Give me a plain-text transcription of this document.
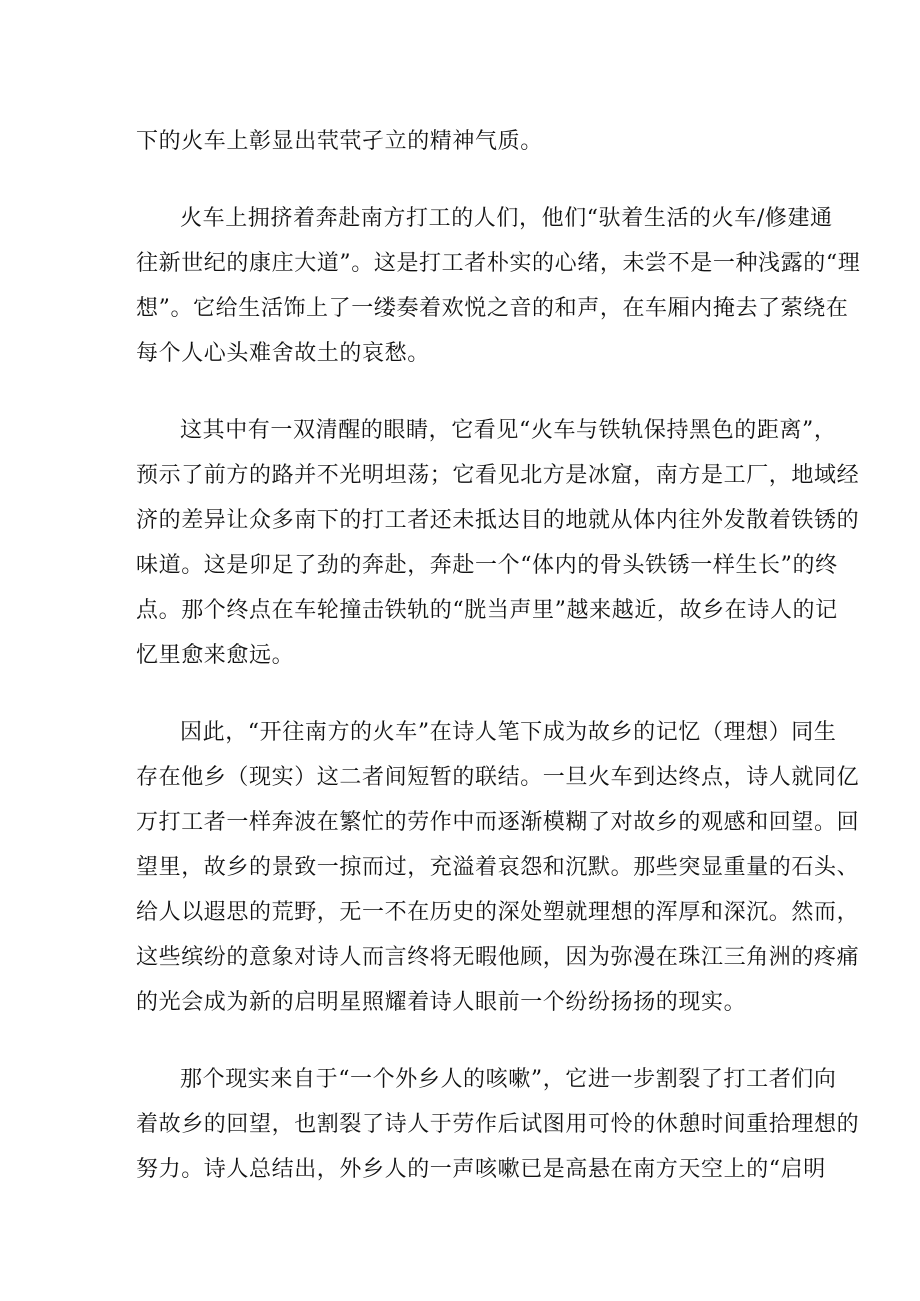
下的火车上彰显出茕茕孑立的精神气质。
火车上拥挤着奔赴南方打工的人们，他们“驮着生活的火车/修建通
往新世纪的康庄大道”。这是打工者朴实的心绪，未尝不是一种浅露的“理
想”。它给生活饰上了一缕奏着欢悦之音的和声，在车厢内掩去了萦绕在
每个人心头难舍故土的哀愁。
这其中有一双清醒的眼睛，它看见“火车与铁轨保持黑色的距离”，
预示了前方的路并不光明坦荡；它看见北方是冰窟，南方是工厂，地域经
济的差异让众多南下的打工者还未抵达目的地就从体内往外发散着铁锈的
味道。这是卯足了劲的奔赴，奔赴一个“体内的骨头铁锈一样生长”的终
点。那个终点在车轮撞击铁轨的“胱当声里”越来越近，故乡在诗人的记
忆里愈来愈远。
因此，“开往南方的火车”在诗人笔下成为故乡的记忆（理想）同生
存在他乡（现实）这二者间短暂的联结。一旦火车到达终点，诗人就同亿
万打工者一样奔波在繁忙的劳作中而逐渐模糊了对故乡的观感和回望。回
望里，故乡的景致一掠而过，充溢着哀怨和沉默。那些突显重量的石头、
给人以遐思的荒野，无一不在历史的深处塑就理想的浑厚和深沉。然而，
这些缤纷的意象对诗人而言终将无暇他顾，因为弥漫在珠江三角洲的疼痛
的光会成为新的启明星照耀着诗人眼前一个纷纷扬扬的现实。
那个现实来自于“一个外乡人的咳嗽”，它进一步割裂了打工者们向
着故乡的回望，也割裂了诗人于劳作后试图用可怜的休憩时间重拾理想的
努力。诗人总结出，外乡人的一声咳嗽已是高悬在南方天空上的“启明
